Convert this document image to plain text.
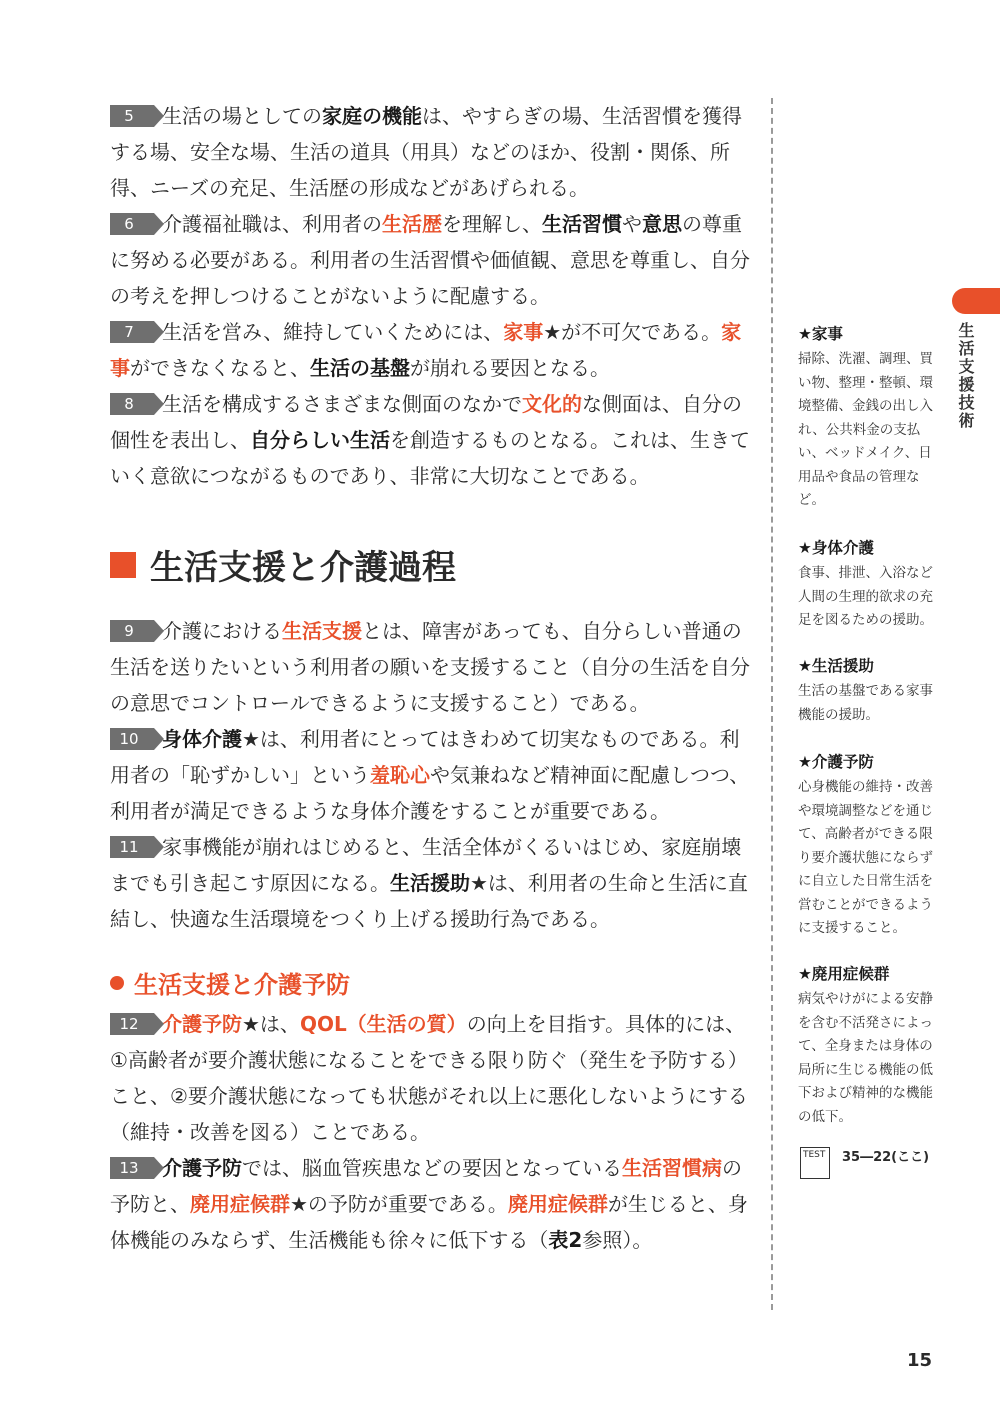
5 生活の場としての家庭の機能は、やすらぎの場、生活習慣を獲得する場、安全な場、生活の道具（用具）などのほか、役割・関係、所得、ニーズの充足、生活歴の形成などがあげられる。

6 介護福祉職は、利用者の生活歴を理解し、生活習慣や意思の尊重に努める必要がある。利用者の生活習慣や価値観、意思を尊重し、自分の考えを押しつけることがないように配慮する。

7 生活を営み、維持していくためには、家事★が不可欠である。家事ができなくなると、生活の基盤が崩れる要因となる。

8 生活を構成するさまざまな側面のなかで文化的な側面は、自分の個性を表出し、自分らしい生活を創造するものとなる。これは、生きていく意欲につながるものであり、非常に大切なことである。

生活支援と介護過程

9 介護における生活支援とは、障害があっても、自分らしい普通の生活を送りたいという利用者の願いを支援すること（自分の生活を自分の意思でコントロールできるように支援すること）である。

10 身体介護★は、利用者にとってはきわめて切実なものである。利用者の「恥ずかしい」という羞恥心や気兼ねなど精神面に配慮しつつ、利用者が満足できるような身体介護をすることが重要である。

11 家事機能が崩れはじめると、生活全体がくるいはじめ、家庭崩壊までも引き起こす原因になる。生活援助★は、利用者の生命と生活に直結し、快適な生活環境をつくり上げる援助行為である。

生活支援と介護予防

12 介護予防★は、QOL（生活の質）の向上を目指す。具体的には、①高齢者が要介護状態になることをできる限り防ぐ（発生を予防する）こと、②要介護状態になっても状態がそれ以上に悪化しないようにする（維持・改善を図る）ことである。

13 介護予防では、脳血管疾患などの要因となっている生活習慣病の予防と、廃用症候群★の予防が重要である。廃用症候群が生じると、身体機能のみならず、生活機能も徐々に低下する（表2参照）。

生活支援技術
★家事
掃除、洗濯、調理、買い物、整理・整頓、環境整備、金銭の出し入れ、公共料金の支払い、ベッドメイク、日用品や食品の管理など。
★身体介護
食事、排泄、入浴など人間の生理的欲求の充足を図るための援助。
★生活援助
生活の基盤である家事機能の援助。
★介護予防
心身機能の維持・改善や環境調整などを通じて、高齢者ができる限り要介護状態にならずに自立した日常生活を営むことができるように支援すること。
★廃用症候群
病気やけがによる安静を含む不活発さによって、全身または身体の局所に生じる機能の低下および精神的な機能の低下。
TEST	35―22(ここ)
15
